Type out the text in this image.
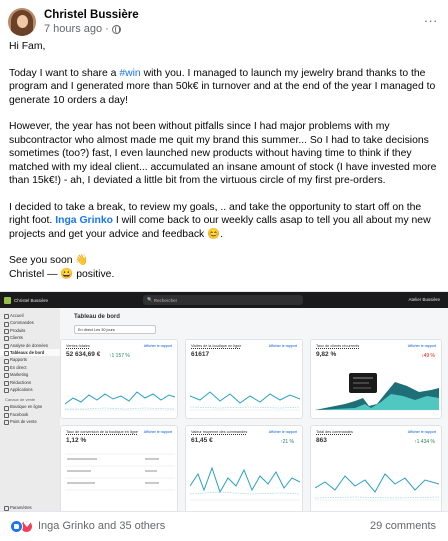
Christel Bussière
7 hours ago ·
...

Hi Fam,

Today I want to share a #win with you. I managed to launch my jewelry brand thanks to the program and I generated more than 50k€ in turnover and at the end of the year I managed to generate 10 orders a day!

However, the year has not been without pitfalls since I had major problems with my subcontractor who almost made me quit my brand this summer... So I had to take decisions sometimes (too?) fast, I even launched new products without having time to think if they matched with my ideal client... accumulated an insane amount of stock (I have invested more than 15k€!) - ah, I deviated a little bit from the virtuous circle of my first pre-orders.

I decided to take a break, to review my goals, .. and take the opportunity to start off on the right foot. Inga Grinko I will come back to our weekly calls asap to tell you all about my new projects and get your advice and feedback 😊.

See you soon 👋
Christel — 😀 positive.

Christel Bussière	🔍 Rechercher	Atelier Bussière
Accueil
Commandes
Produits
Clients
Analyse de données
Tableaux de bord
Rapports
En direct
Marketing
Réductions
Applications
Canaux de vente
Boutique en ligne
Facebook
Point de vente
Paramètres
Tableau de bord
En direct Les 30 jours
Ventes totales	Afficher le rapport
52 634,69 € ↑1 157 %
Visites de la boutique en ligne	Afficher le rapport
61617
Taux de clients récurrents	Afficher le rapport
9,82 %	↓49 %
Taux de conversion de la boutique en ligne Afficher le rapport
1,12 %
Valeur moyenne des commandes	Afficher le rapport
61,45 €	↑21 %
Total des commandes	Afficher le rapport
863	↑1 434 %
♥
Inga Grinko and 35 others	29 comments
